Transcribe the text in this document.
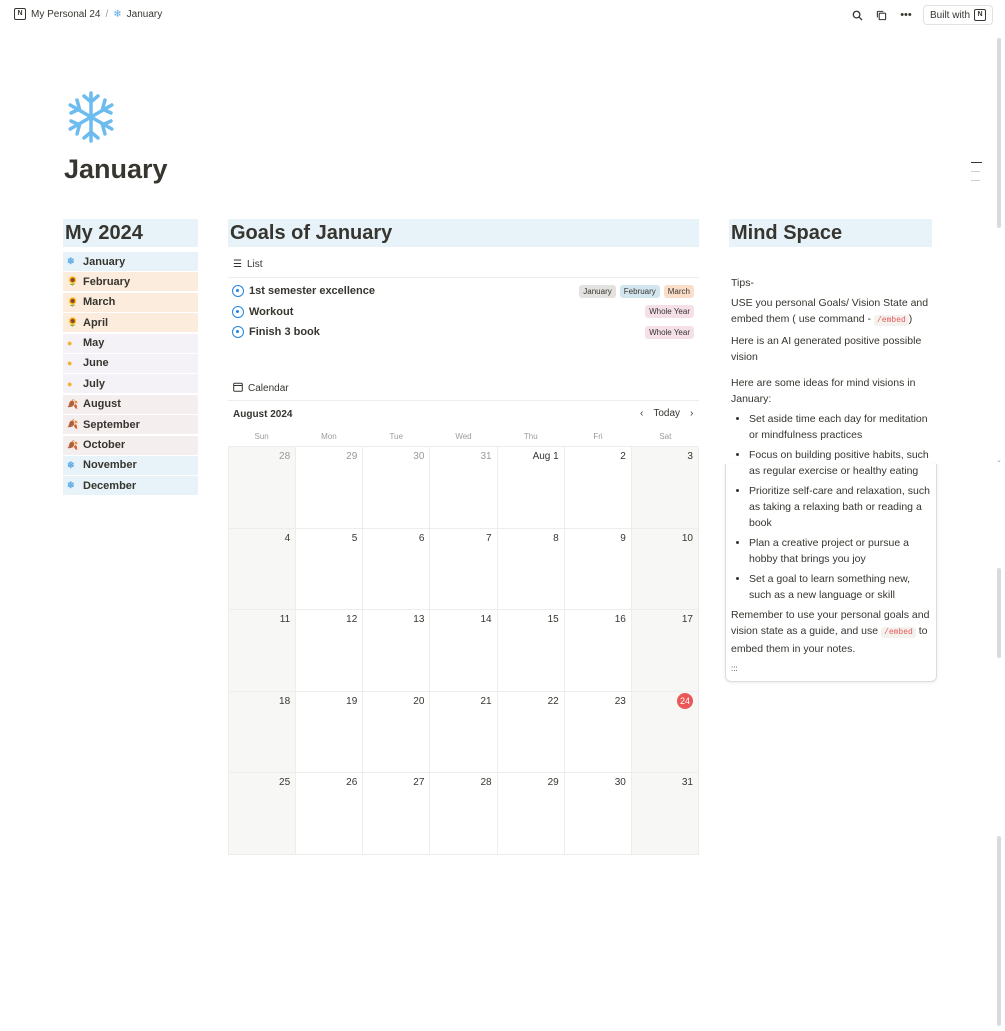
N My Personal 24 / ❄ January	••• Built with	N
⌄
January
My 2024
❄ January
🌻 February
🌻 March
🌻 April
● May
● June
● July
🍂 August
🍂 September
🍂 October
❄ November
❄ December
Goals of January
☰ List
1st semester excellence	January	February	March
Workout	Whole Year
Finish 3 book	Whole Year
Calendar
August 2024	‹ Today ›
Sun	Mon	Tue	Wed	Thu	Fri	Sat
28	29	30	31	Aug 1	2	3
4	5	6	7	8	9	10
11	12	13	14	15	16	17
18	19	20	21	22	23	24
25	26	27	28	29	30	31
Mind Space

Tips-

USE you personal Goals/ Vision State and embed them ( use command - /embed )

Here is an AI generated positive possible vision

Here are some ideas for mind visions in January:

• Set aside time each day for meditation or mindfulness practices
• Focus on building positive habits, such as regular exercise or healthy eating
• Prioritize self-care and relaxation, such as taking a relaxing bath or reading a book
• Plan a creative project or pursue a hobby that brings you joy
• Set a goal to learn something new, such as a new language or skill

Remember to use your personal goals and vision state as a guide, and use /embed to embed them in your notes.

:::
